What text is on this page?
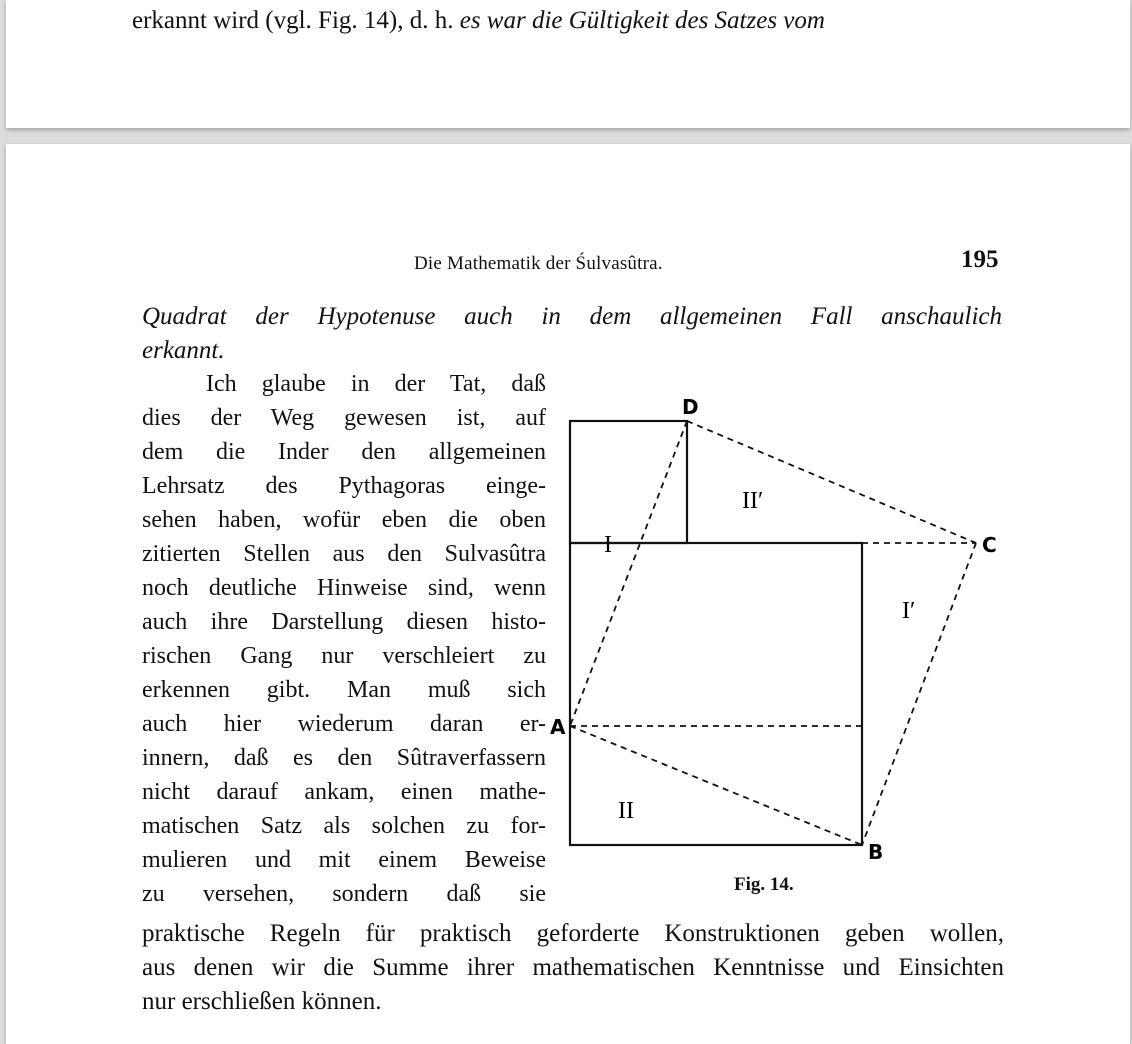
erkannt wird (vgl. Fig. 14), d. h. es war die Gültigkeit des Satzes vom
Die Mathematik der Śulvasûtra.	195
Quadrat der Hypotenuse auch in dem allgemeinen Fall anschaulich
erkannt.
Ich glaube in der Tat, daß
dies der Weg gewesen ist, auf
dem die Inder den allgemeinen
Lehrsatz des Pythagoras einge-
sehen haben, wofür eben die oben
zitierten Stellen aus den Sulvasûtra
noch deutliche Hinweise sind, wenn
auch ihre Darstellung diesen histo-
rischen Gang nur verschleiert zu
erkennen gibt. Man muß sich
auch hier wiederum daran er-
innern, daß es den Sûtraverfassern
nicht darauf ankam, einen mathe-
matischen Satz als solchen zu for-
mulieren und mit einem Beweise
zu versehen, sondern daß sie
D
C
A
B
I
II
I′
II′
Fig. 14.
praktische Regeln für praktisch geforderte Konstruktionen geben wollen,
aus denen wir die Summe ihrer mathematischen Kenntnisse und Einsichten
nur erschließen können.
